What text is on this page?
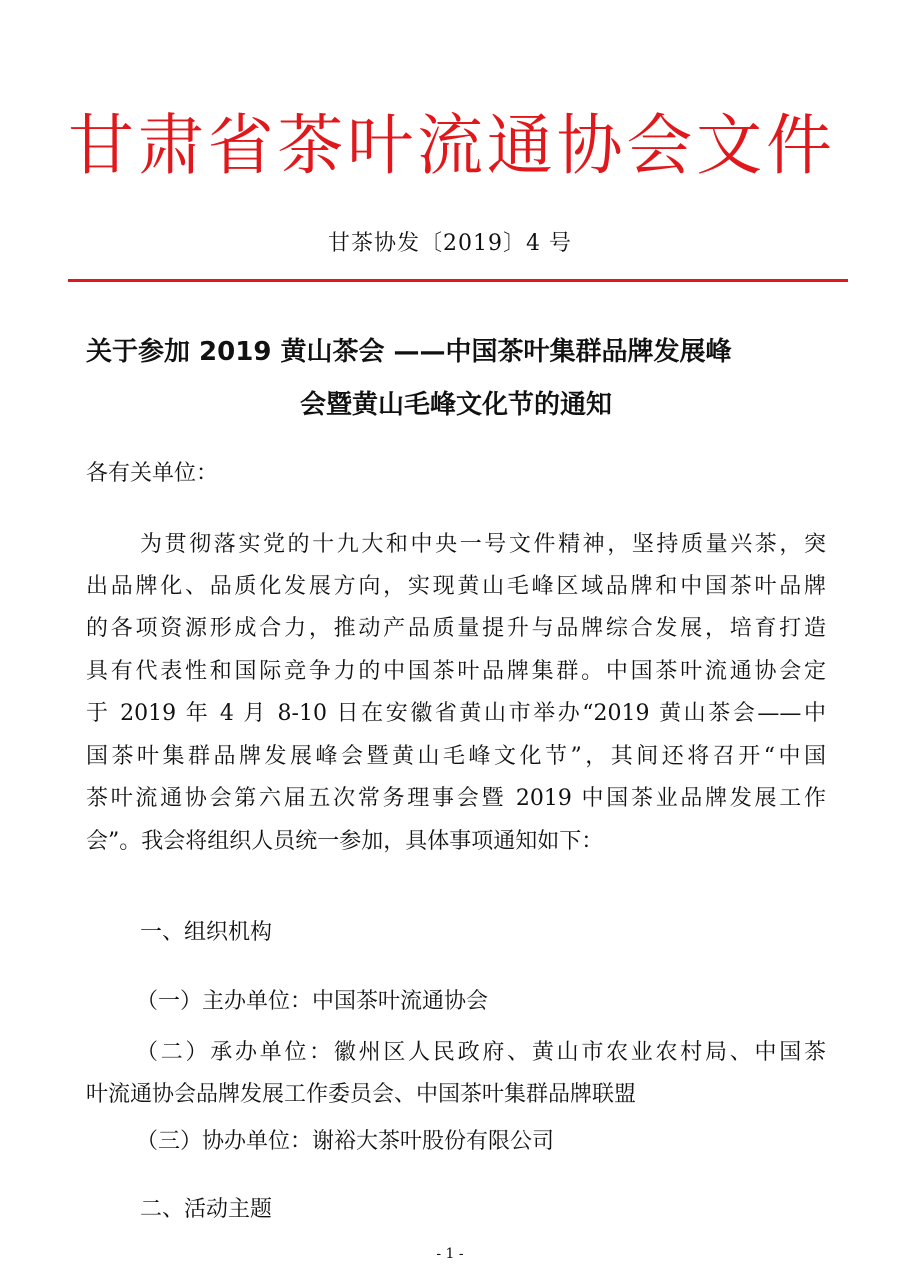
甘 肃 省 茶 叶 流 通 协 会 文 件
甘茶协发〔2019〕4 号
关于参加 2019 黄山茶会 ——中国茶叶集群品牌发展峰
会暨黄山毛峰文化节的通知
各有关单位：
为贯彻落实党的十九大和中央一号文件精神，坚持质量兴茶，突
出品牌化、品质化发展方向，实现黄山毛峰区域品牌和中国茶叶品牌
的各项资源形成合力，推动产品质量提升与品牌综合发展，培育打造
具有代表性和国际竞争力的中国茶叶品牌集群。中国茶叶流通协会定
于 2019 年 4 月 8-10 日在安徽省黄山市举办“2019 黄山茶会——中
国茶叶集群品牌发展峰会暨黄山毛峰文化节”，其间还将召开“中国
茶叶流通协会第六届五次常务理事会暨 2019 中国茶业品牌发展工作
会”。我会将组织人员统一参加，具体事项通知如下：
一、组织机构
（一）主办单位：中国茶叶流通协会
（二）承办单位：徽州区人民政府、黄山市农业农村局、中国茶
叶流通协会品牌发展工作委员会、中国茶叶集群品牌联盟
（三）协办单位：谢裕大茶叶股份有限公司
二、活动主题
- 1 -
